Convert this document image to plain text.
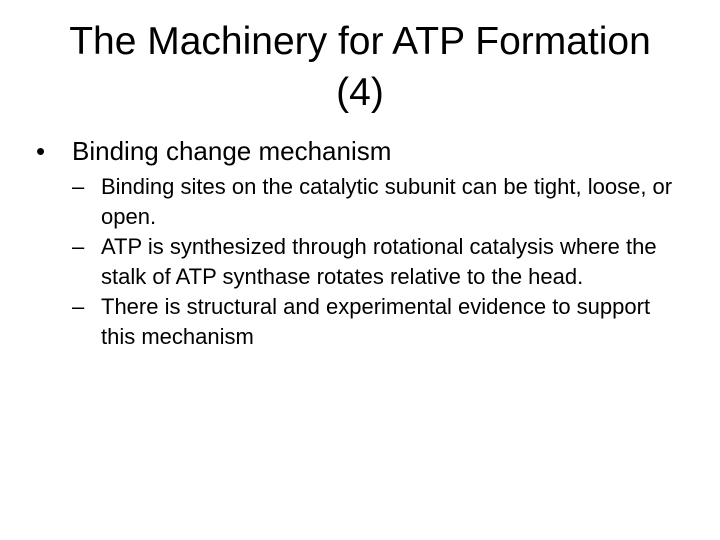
The Machinery for ATP Formation
(4)
• Binding change mechanism
– Binding sites on the catalytic subunit can be tight, loose, or open.
– ATP is synthesized through rotational catalysis where the stalk of ATP synthase rotates relative to the head.
– There is structural and experimental evidence to support this mechanism
